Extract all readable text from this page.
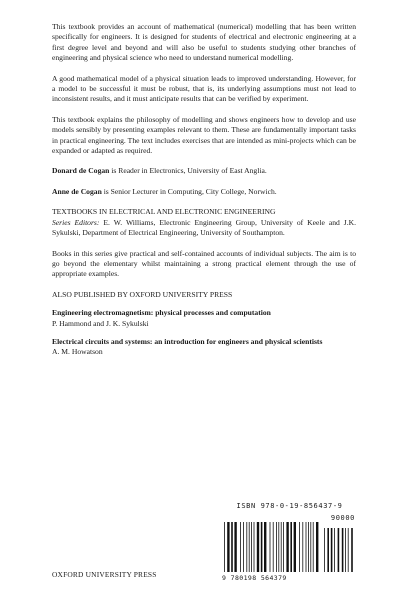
This textbook provides an account of mathematical (numerical) modelling that has been written specifically for engineers. It is designed for students of electrical and electronic engineering at a first degree level and beyond and will also be useful to students studying other branches of engineering and physical science who need to understand numerical modelling.

A good mathematical model of a physical situation leads to improved understanding. However, for a model to be successful it must be robust, that is, its underlying assumptions must not lead to inconsistent results, and it must anticipate results that can be verified by experiment.

This textbook explains the philosophy of modelling and shows engineers how to develop and use models sensibly by presenting examples relevant to them. These are fundamentally important tasks in practical engineering. The text includes exercises that are intended as mini-projects which can be expanded or adapted as required.

Donard de Cogan is Reader in Electronics, University of East Anglia.

Anne de Cogan is Senior Lecturer in Computing, City College, Norwich.

TEXTBOOKS IN ELECTRICAL AND ELECTRONIC ENGINEERING

Series Editors: E. W. Williams, Electronic Engineering Group, University of Keele and J.K. Sykulski, Department of Electrical Engineering, University of Southampton.

Books in this series give practical and self-contained accounts of individual subjects. The aim is to go beyond the elementary whilst maintaining a strong practical element through the use of appropriate examples.

ALSO PUBLISHED BY OXFORD UNIVERSITY PRESS

Engineering electromagnetism: physical processes and computation

P. Hammond and J. K. Sykulski

Electrical circuits and systems: an introduction for engineers and physical scientists

A. M. Howatson

ISBN 978-0-19-856437-9
90000
9 780198 564379
OXFORD UNIVERSITY PRESS
